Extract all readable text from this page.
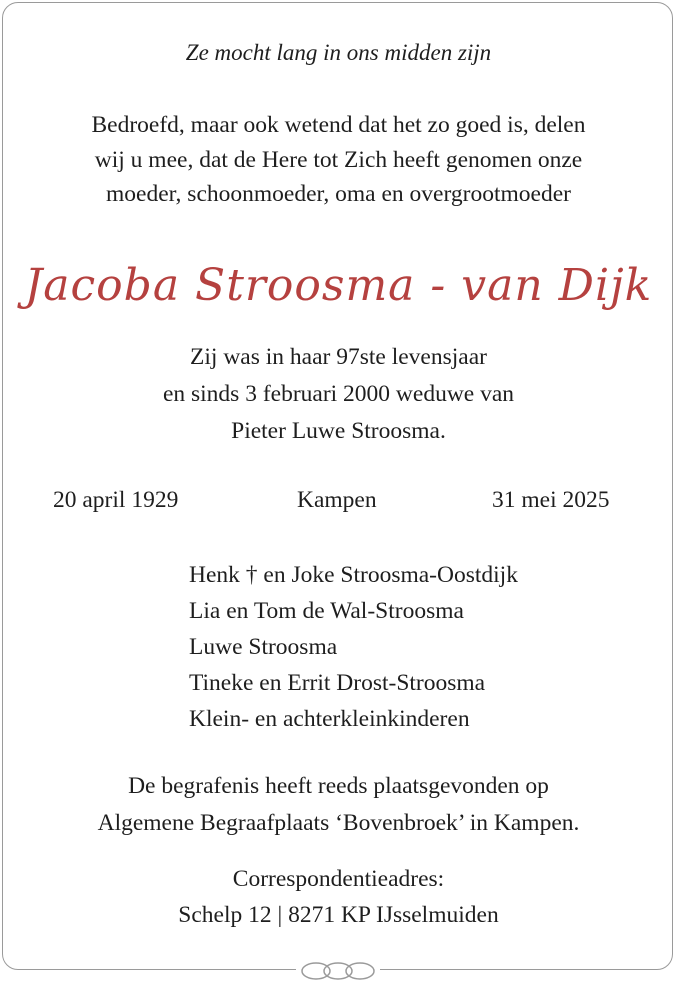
Ze mocht lang in ons midden zijn
Bedroefd, maar ook wetend dat het zo goed is, delen
wij u mee, dat de Here tot Zich heeft genomen onze
moeder, schoonmoeder, oma en overgrootmoeder
Jacoba Stroosma - van Dijk
Zij was in haar 97ste levensjaar
en sinds 3 februari 2000 weduwe van
Pieter Luwe Stroosma.
20 april 1929	Kampen	31 mei 2025
Henk † en Joke Stroosma-Oostdijk
Lia en Tom de Wal-Stroosma
Luwe Stroosma
Tineke en Errit Drost-Stroosma
Klein- en achterkleinkinderen
De begrafenis heeft reeds plaatsgevonden op
Algemene Begraafplaats ‘Bovenbroek’ in Kampen.
Correspondentieadres:
Schelp 12 | 8271 KP IJsselmuiden
